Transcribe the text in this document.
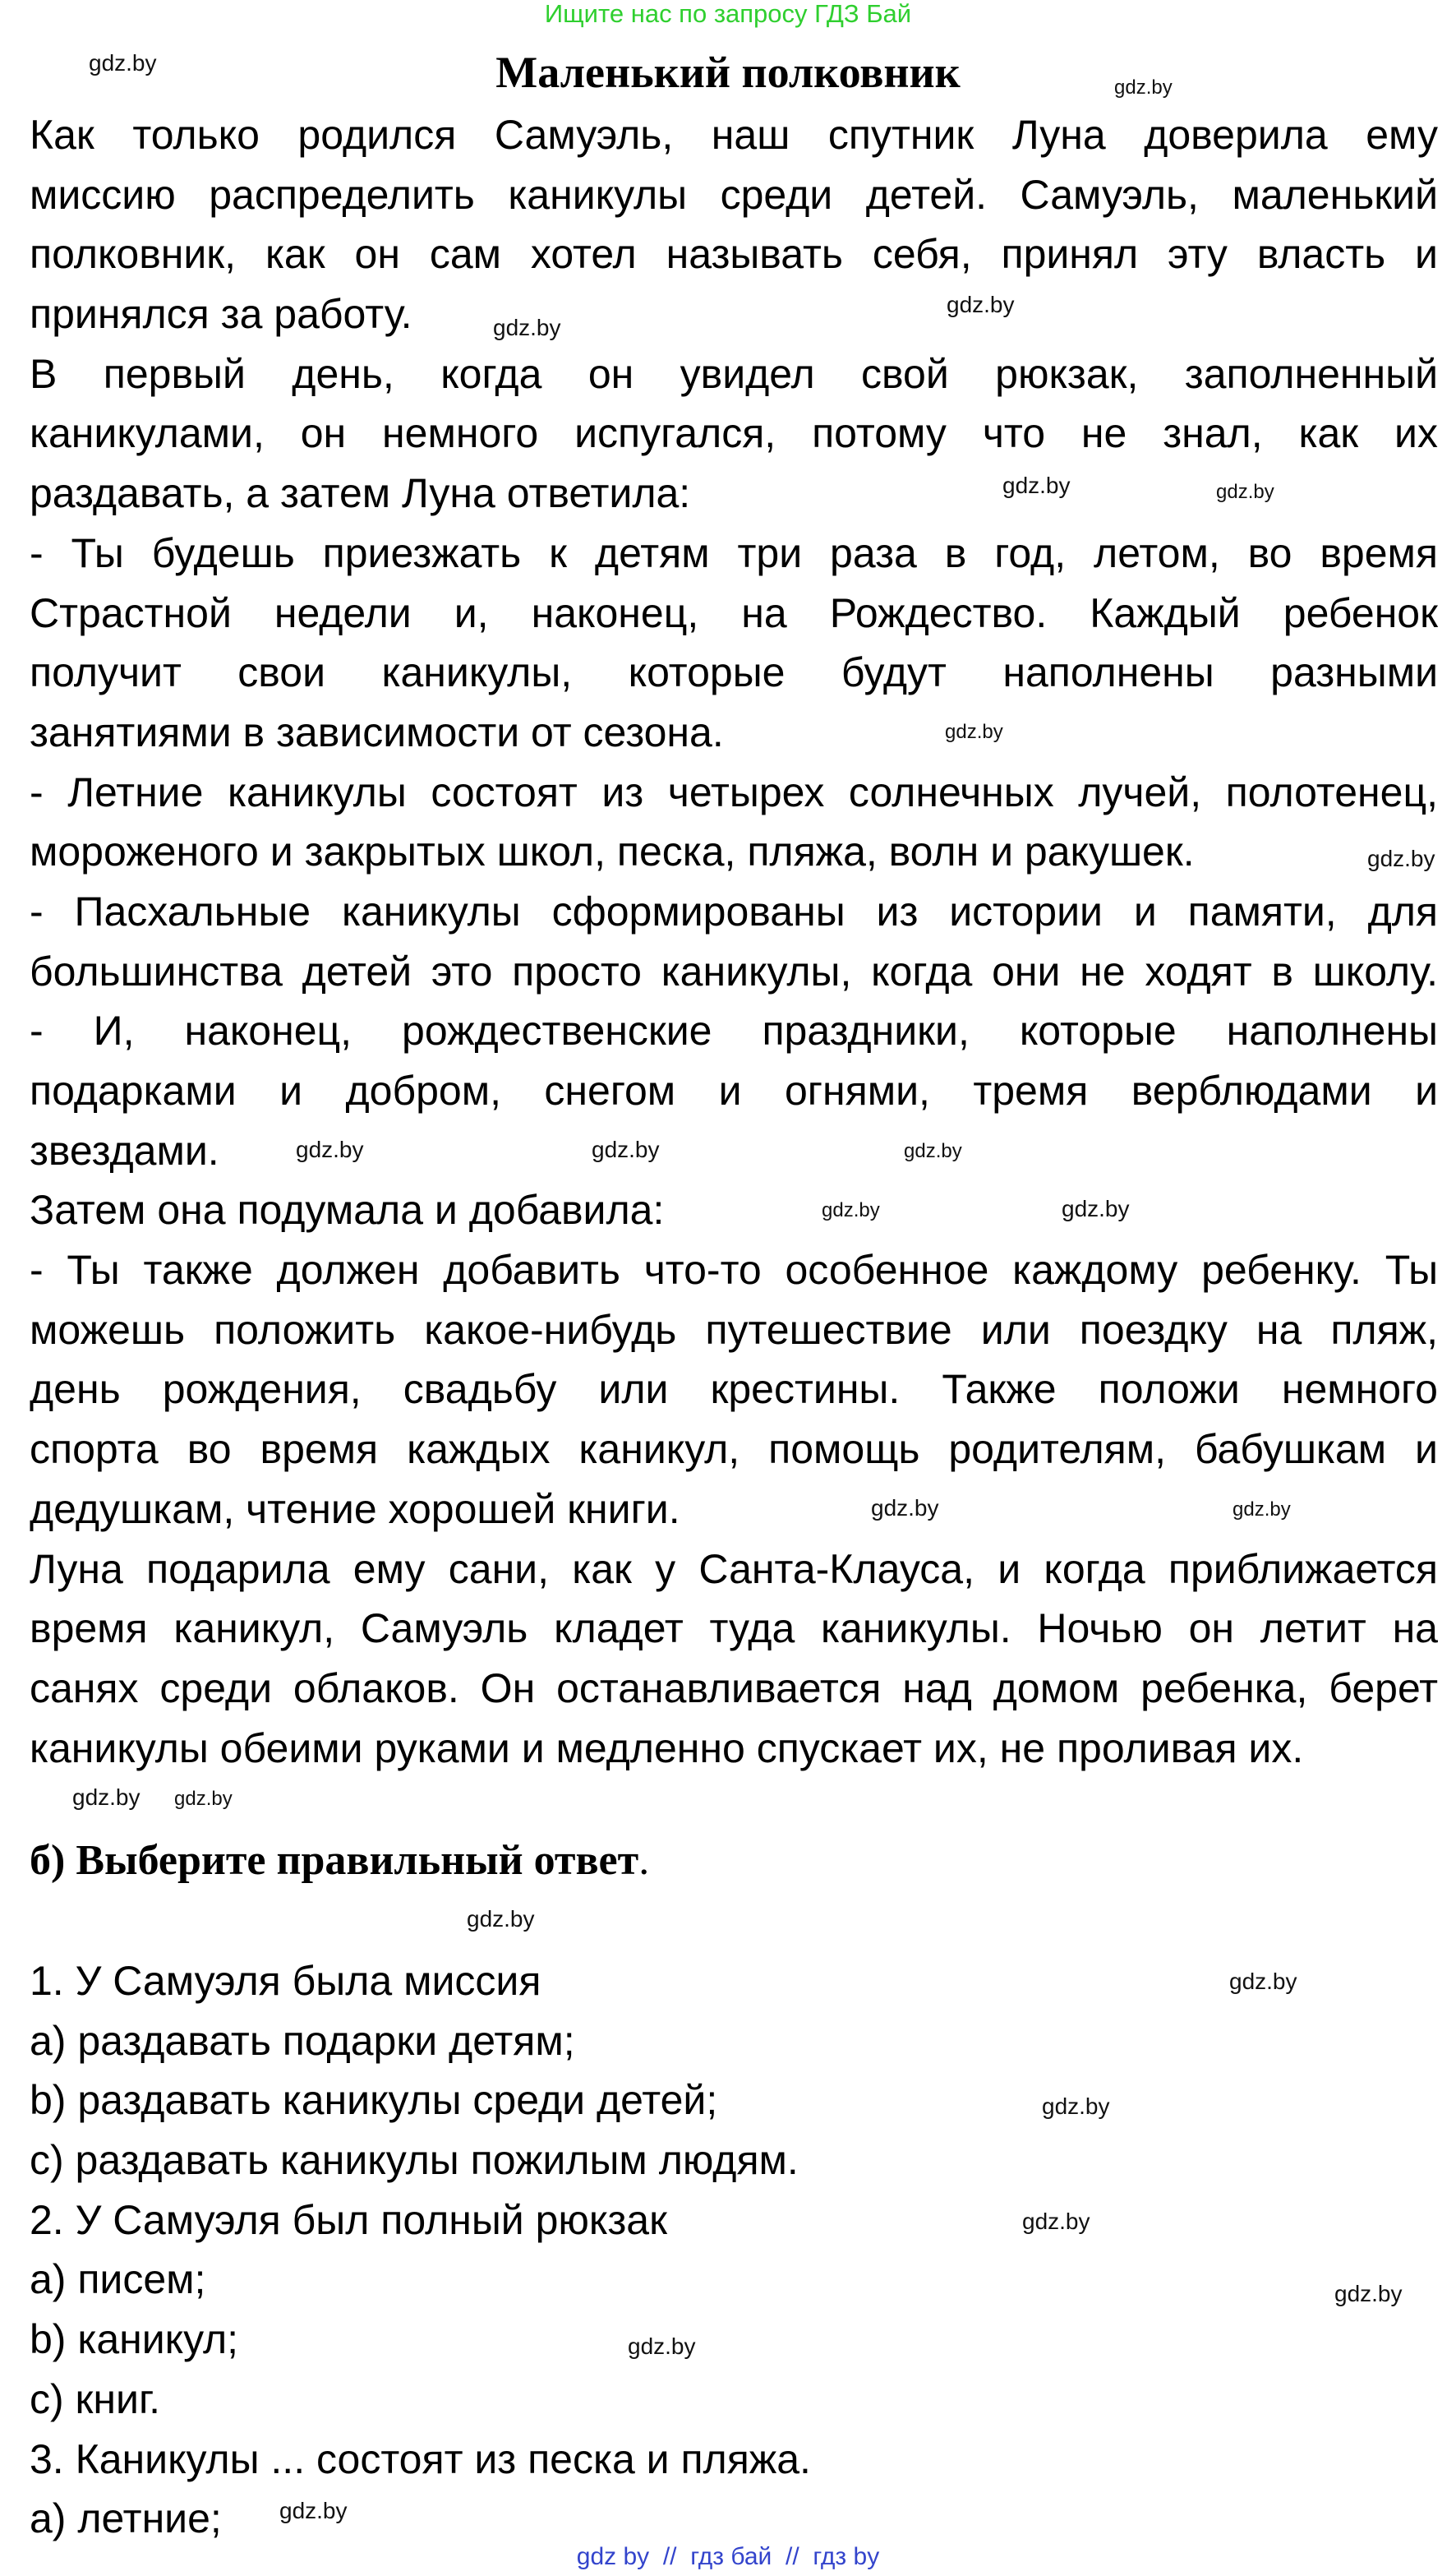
Ищите нас по запросу ГДЗ Бай
Маленький полковник
Как только родился Самуэль, наш спутник Луна доверила ему
миссию распределить каникулы среди детей. Самуэль, маленький
полковник, как он сам хотел называть себя, принял эту власть и
принялся за работу.
В первый день, когда он увидел свой рюкзак, заполненный
каникулами, он немного испугался, потому что не знал, как их
раздавать, а затем Луна ответила:
- Ты будешь приезжать к детям три раза в год, летом, во время
Страстной недели и, наконец, на Рождество. Каждый ребенок
получит свои каникулы, которые будут наполнены разными
занятиями в зависимости от сезона.
- Летние каникулы состоят из четырех солнечных лучей, полотенец,
мороженого и закрытых школ, песка, пляжа, волн и ракушек.
- Пасхальные каникулы сформированы из истории и памяти, для
большинства детей это просто каникулы, когда они не ходят в школу.
- И, наконец, рождественские праздники, которые наполнены
подарками и добром, снегом и огнями, тремя верблюдами и
звездами.
Затем она подумала и добавила:
- Ты также должен добавить что-то особенное каждому ребенку. Ты
можешь положить какое-нибудь путешествие или поездку на пляж,
день рождения, свадьбу или крестины. Также положи немного
спорта во время каждых каникул, помощь родителям, бабушкам и
дедушкам, чтение хорошей книги.
Луна подарила ему сани, как у Санта-Клауса, и когда приближается
время каникул, Самуэль кладет туда каникулы. Ночью он летит на
санях среди облаков. Он останавливается над домом ребенка, берет
каникулы обеими руками и медленно спускает их, не проливая их.
б) Выберите правильный ответ.
1. У Самуэля была миссия
а) раздавать подарки детям;
b) раздавать каникулы среди детей;
c) раздавать каникулы пожилым людям.
2. У Самуэля был полный рюкзак
а) писем;
b) каникул;
c) книг.
3. Каникулы ... состоят из песка и пляжа.
а) летние;
gdz.by
gdz.by
gdz.by
gdz.by
gdz.by	gdz.by
gdz.by
gdz.by
gdz.by
gdz.by	gdz.by
gdz.by
gdz.by
gdz.by
gdz.by
gdz.by
gdz.by
gdz.by
gdz.by
gdz.by
gdz.by
gdz.by
gdz.by
gdz.by
gdz by  //  гдз бай  //  гдз by
